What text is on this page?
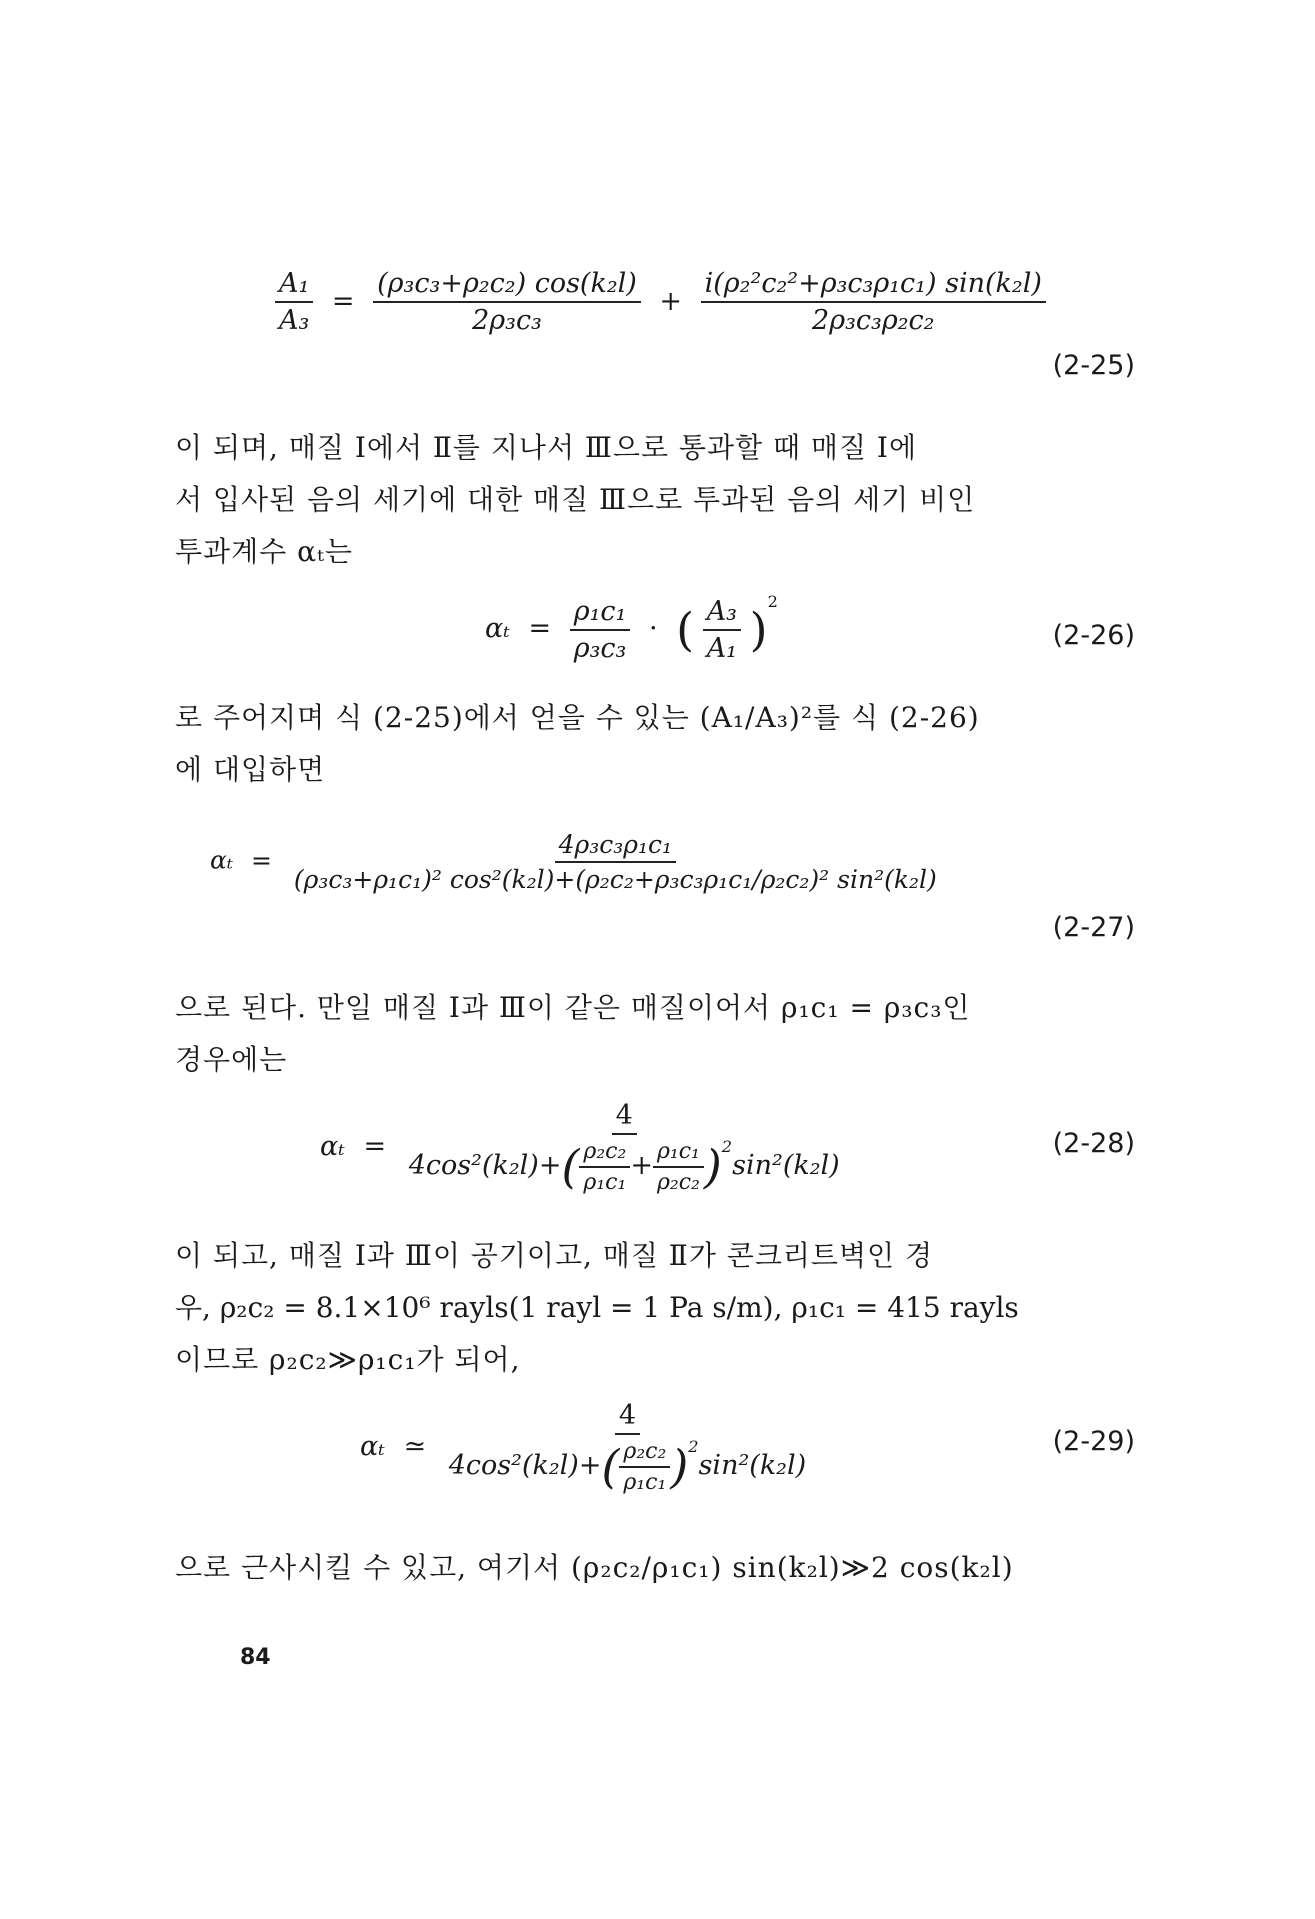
$\frac{\text{A₁}}{\text{A₃}} = \frac{\text{(ρ₃c₃+ρ₂c₂) cos(k₂l)}}{\text{2ρ₃c₃}} + \frac{\text{i(ρ₂²c₂²+ρ₃c₃ρ₁c₁) sin(k₂l)}}{\text{2ρ₃c₃ρ₂c₂}}$
(2-25)

이 되며, 매질 Ⅰ에서 Ⅱ를 지나서 Ⅲ으로 통과할 때 매질 Ⅰ에

서 입사된 음의 세기에 대한 매질 Ⅲ으로 투과된 음의 세기 비인

투과계수 αₜ는

$\alpha_t = \frac{\text{ρ₁c₁}}{\text{ρ₃c₃}}$ · ( $\frac{\text{A₃}}{\text{A₁}} )^2$
(2-26)

로 주어지며 식 (2-25)에서 얻을 수 있는 (A₁/A₃)²를 식 (2-26)

에 대입하면

$\alpha_t = \frac{\text{4ρ₃c₃ρ₁c₁}}{\text{(ρ₃c₃+ρ₁c₁)² cos²(k₂l)+(ρ₂c₂+ρ₃c₃ρ₁c₁/ρ₂c₂)² sin²(k₂l)}}$
(2-27)

으로 된다. 만일 매질 Ⅰ과 Ⅲ이 같은 매질이어서 ρ₁c₁ = ρ₃c₃인

경우에는

$\alpha_t = \frac{4}{4\cos^2(k_2l)+( \frac{\text{ρ₂c₂}}{\text{ρ₁c₁}} + \frac{\text{ρ₁c₁}}{\text{ρ₂c₂}} )^2\sin^2(k_2l)}$	(2-28)

이 되고, 매질 Ⅰ과 Ⅲ이 공기이고, 매질 Ⅱ가 콘크리트벽인 경

우, ρ₂c₂ = 8.1×10⁶ rayls(1 rayl = 1 Pa s/m), ρ₁c₁ = 415 rayls

이므로 ρ₂c₂≫ρ₁c₁가 되어,

αₜ ≃ $\frac{4}{4\cos^2(k_2l)+( \frac{\text{ρ₂c₂}}{\text{ρ₁c₁}} )^2\sin^2(k_2l)}$	(2-29)

으로 근사시킬 수 있고, 여기서 (ρ₂c₂/ρ₁c₁) sin(k₂l)≫2 cos(k₂l)

84
